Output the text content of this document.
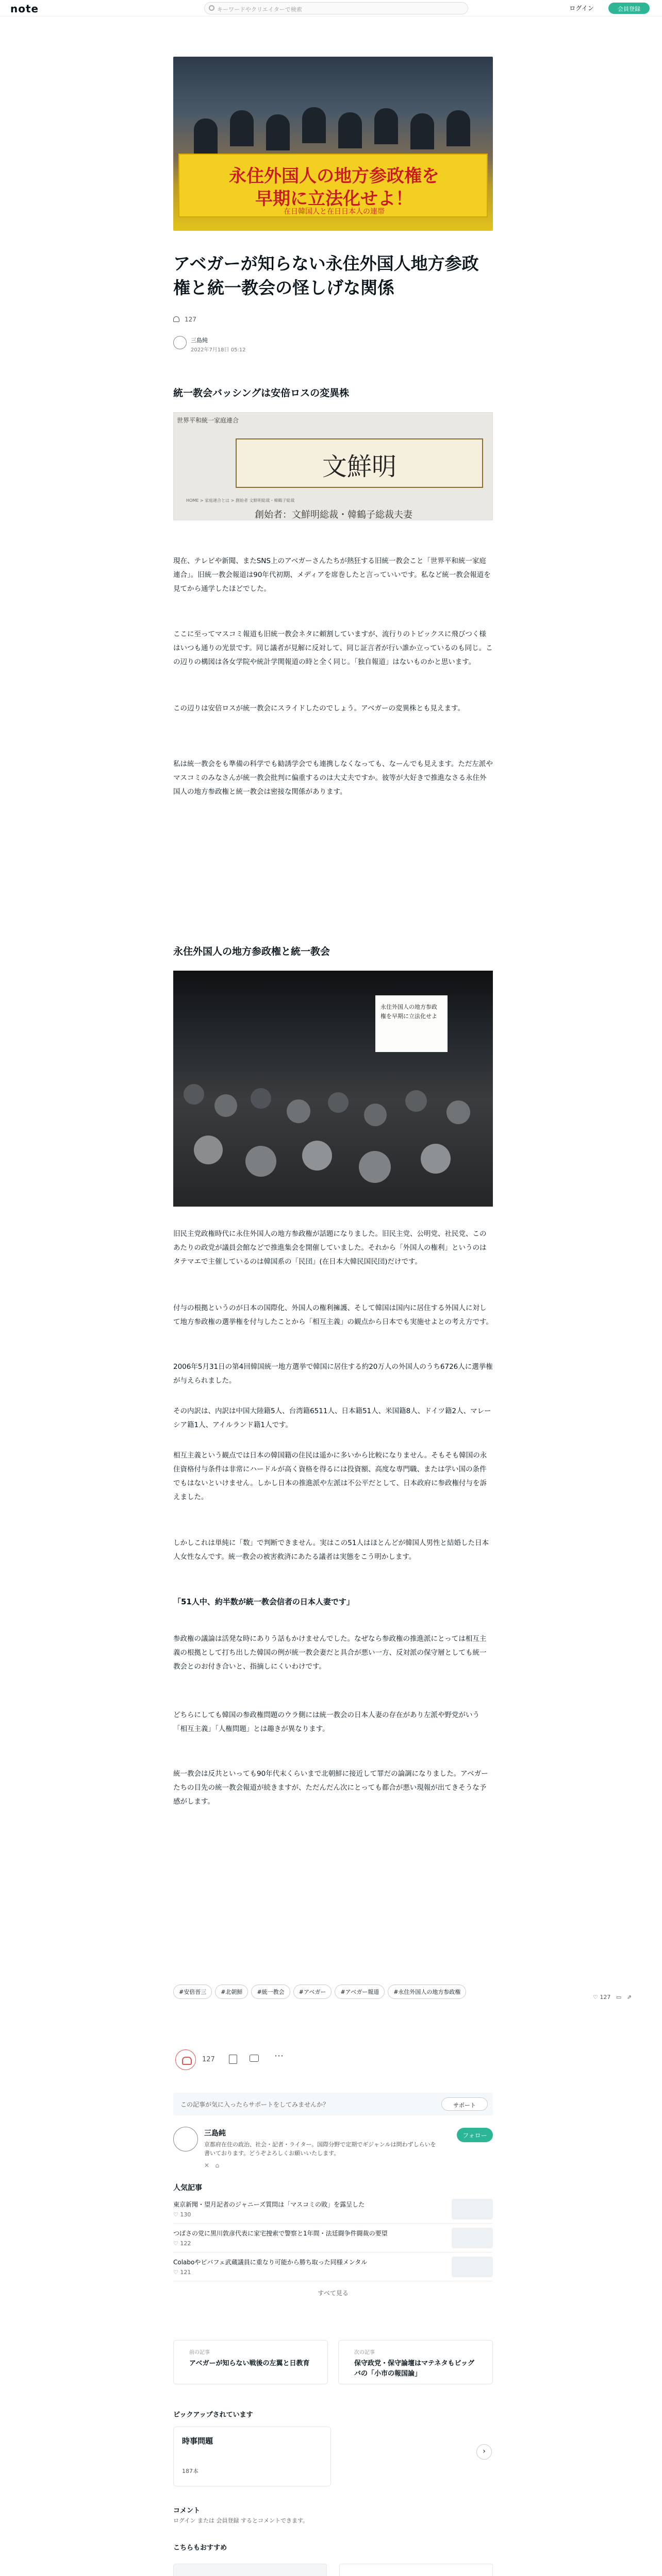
note	キーワードやクリエイターで検索	ログイン	会員登録
永住外国人の地方参政権を
早期に立法化せよ！
在日韓国人と在日日本人の連帯
アベガーが知らない永住外国人地方参政権と統一教会の怪しげな関係
127
三島純
2022年7月18日 05:12
統一教会バッシングは安倍ロスの変異株
世界平和統一家庭連合
文鮮明
HOME > 家庭連合とは > 創始者 文鮮明総裁・韓鶴子総裁
創始者：文鮮明総裁・韓鶴子総裁夫妻

現在、テレビや新聞、またSNS上のアベガーさんたちが熱狂する旧統一教会こと「世界平和統一家庭連合」。旧統一教会報道は90年代初期、メディアを席巻したと言っていいです。私など統一教会報道を見てから通学したほどでした。

ここに至ってマスコミ報道も旧統一教会ネタに頼割していますが、流行りのトピックスに飛びつく様はいつも通りの光景です。同じ議者が見解に反対して、同じ証言者が行い誰か立っているのも同じ。この辺りの構図は各女学院や統計学関報道の時と全く同じ。「独自報道」はないものかと思います。

この辺りは安倍ロスが統一教会にスライドしたのでしょう。アベガーの変異株とも見えます。

私は統一教会をも準備の科学でも勧誘学会でも連携しなくなっても、なーんでも見えます。ただ左派やマスコミのみなさんが統一教会批判に偏重するのは大丈夫ですか。彼等が大好きで推進なさる永住外国人の地方参政権と統一教会は密接な関係があります。

永住外国人の地方参政権と統一教会
永住外国人の地方参政権を早期に立法化せよ

旧民主党政権時代に永住外国人の地方参政権が話題になりました。旧民主党、公明党、社民党、このあたりの政党が議員会館などで推進集会を開催していました。それから「外国人の権利」というのはタテマエで主催しているのは韓国系の「民団」(在日本大韓民国民団)だけです。

付与の根拠というのが日本の国際化、外国人の権利擁護、そして韓国は国内に居住する外国人に対して地方参政権の選挙権を付与したことから「相互主義」の観点から日本でも実施せよとの考え方です。

2006年5月31日の第4回韓国統一地方選挙で韓国に居住する約20万人の外国人のうち6726人に選挙権が与えられました。

その内訳は、内訳は中国大陸籍5人、台湾籍6511人、日本籍51人、米国籍8人、ドイツ籍2人、マレーシア籍1人、アイルランド籍1人です。

相互主義という観点では日本の韓国籍の住民は遥かに多いから比較になりません。そもそも韓国の永住資格付与条件は非常にハードルが高く資格を得るには投資額、高度な専門職、または学い国の条件でもはないといけません。しかし日本の推進派や左派は不公平だとして、日本政府に参政権付与を訴えました。

しかしこれは単純に「数」で判断できません。実はこの51人はほとんどが韓国人男性と結婚した日本人女性なんです。統一教会の被害救済にあたる議者は実態をこう明かします。

「51人中、約半数が統一教会信者の日本人妻です」

参政権の議論は活発な時にありう話もかけませんでした。なぜなら参政権の推進派にとっては相互主義の根拠として打ち出した韓国の例が統一教会妻だと具合が悪い一方、反対派の保守層としても統一教会とのお付き合いと、指摘しにくいわけです。

どちらにしても韓国の参政権問題のウラ側には統一教会の日本人妻の存在があり左派や野党がいう「相互主義」「人権問題」とは趣きが異なります。

統一教会は反共といっても90年代末くらいまで北朝鮮に接近して罪だの論調になりました。アベガーたちの目先の統一教会報道が続きますが、ただんだん次にとっても都合が悪い現報が出てきそうな予感がします。

#安倍晋三	#北朝鮮	#統一教会	#アベガー	#アベガー報道	#永住外国人の地方参政権
127	⋯
この記事が気に入ったらサポートをしてみませんか？	サポート
三島純	フォロー
京都府在住の政治、社会・記者・ライター。国際分野で定期でギジャンルは問わずしらいを書いております。どうぞよろしくお願いいたします。
✕   ⌂
人気記事
東京新聞・望月記者のジャニーズ質問は「マスコミの敗」を露呈した
♡ 130
つばさの党に黒川敦彦代表に家宅捜索で警察と1年間・法廷闘争件闘裁の要望
♡ 122
Colaboやビバフェ武蔵議員に重なり可能から勝ち取った同様メンタル
♡ 121
すべて見る
前の記事
アベガーが知らない戦後の左翼と日教育
次の記事
保守政党・保守論壇はマテネタもビッグバの「小市の報国論」
ピックアップされています
時事問題
187本
›
コメント
ログイン または 会員登録 するとコメントできます。
こちらもおすすめ
♡ 127 ▭ ⇗
